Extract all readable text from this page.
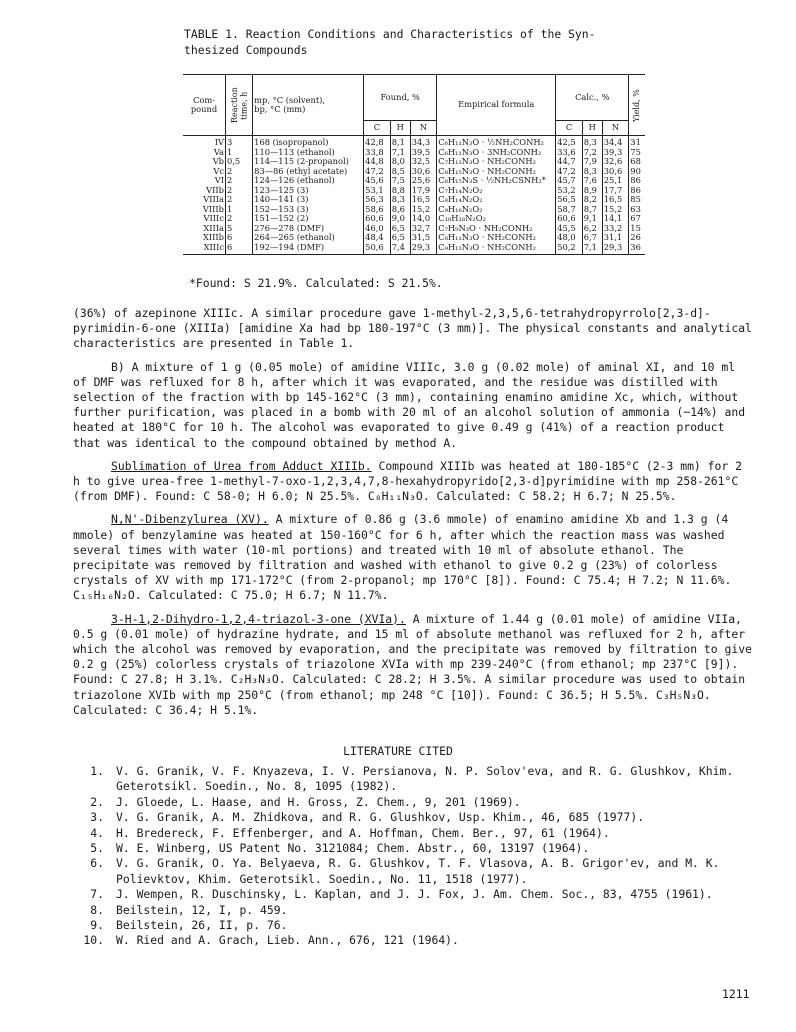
TABLE 1. Reaction Conditions and Characteristics of the Syn-
thesized Compounds
Com-
pound	Reaction
time, h	mp, °C (solvent),
bp, °C (mm)	Found, %			Empirical formula	Calc., %			Yield, %
			C	H	N		C	H	N	
IV	3	168 (isopropanol)	42,8	8,1	34,3	C₆H₁₁N₃O · ½NH₂CONH₂	42,5	8,3	34,4	31
Va	1	110—113 (ethanol)	33,8	7,1	39,5	C₆H₁₁N₃O · 3NH₂CONH₂	33,6	7,2	39,3	75
Vb	0,5	114—115 (2-propanol)	44,8	8,0	32,5	C₇H₁₃N₃O · NH₂CONH₂	44,7	7,9	32,6	68
Vc	2	83—86 (ethyl acetate)	47,2	8,5	30,6	C₈H₁₅N₃O · NH₂CONH₂	47,2	8,3	30,6	90
VI	2	124—126 (ethanol)	45,6	7,5	25,6	C₈H₁₅N₃S · ½NH₂CSNH₂*	45,7	7,6	25,1	86
VIIb	2	123—125 (3)	53,1	8,8	17,9	C₇H₁₄N₂O₂	53,2	8,9	17,7	86
VIIIa	2	140—141 (3)	56,3	8,3	16,5	C₈H₁₄N₂O₂	56,5	8,2	16,5	85
VIIIb	1	152—153 (3)	58,6	8,6	15,2	C₉H₁₆N₂O₂	58,7	8,7	15,2	63
VIIIc	2	151—152 (2)	60,6	9,0	14,0	C₁₀H₁₈N₂O₂	60,6	9,1	14,1	67
XIIIa	5	276—278 (DMF)	46,0	6,5	32,7	C₇H₉N₃O · NH₂CONH₂	45,5	6,2	33,2	15
XIIIb	6	264—265 (ethanol)	48,4	6,5	31,5	C₈H₁₁N₃O · NH₂CONH₂	48,0	6,7	31,1	26
XIIIc	6	192—194 (DMF)	50,6	7,4	29,3	C₉H₁₃N₃O · NH₂CONH₂	50,2	7,1	29,3	36
*Found: S 21.9%. Calculated: S 21.5%.

(36%) of azepinone XIIIc. A similar procedure gave 1-methyl-2,3,5,6-tetrahydropyrrolo[2,3-d]-pyrimidin-6-one (XIIIa) [amidine Xa had bp 180-197°C (3 mm)]. The physical constants and analytical characteristics are presented in Table 1.

B) A mixture of 1 g (0.05 mole) of amidine VIIIc, 3.0 g (0.02 mole) of aminal XI, and 10 ml of DMF was refluxed for 8 h, after which it was evaporated, and the residue was distilled with selection of the fraction with bp 145-162°C (3 mm), containing enamino amidine Xc, which, without further purification, was placed in a bomb with 20 ml of an alcohol solution of ammonia (~14%) and heated at 180°C for 10 h. The alcohol was evaporated to give 0.49 g (41%) of a reaction product that was identical to the compound obtained by method A.

Sublimation of Urea from Adduct XIIIb. Compound XIIIb was heated at 180-185°C (2-3 mm) for 2 h to give urea-free 1-methyl-7-oxo-1,2,3,4,7,8-hexahydropyrido[2,3-d]pyrimidine with mp 258-261°C (from DMF). Found: C 58-0; H 6.0; N 25.5%. C₈H₁₁N₃O. Calculated: C 58.2; H 6.7; N 25.5%.

N,N'-Dibenzylurea (XV). A mixture of 0.86 g (3.6 mmole) of enamino amidine Xb and 1.3 g (4 mmole) of benzylamine was heated at 150-160°C for 6 h, after which the reaction mass was washed several times with water (10-ml portions) and treated with 10 ml of absolute ethanol. The precipitate was removed by filtration and washed with ethanol to give 0.2 g (23%) of colorless crystals of XV with mp 171-172°C (from 2-propanol; mp 170°C [8]). Found: C 75.4; H 7.2; N 11.6%. C₁₅H₁₆N₂O. Calculated: C 75.0; H 6.7; N 11.7%.

3-H-1,2-Dihydro-1,2,4-triazol-3-one (XVIa). A mixture of 1.44 g (0.01 mole) of amidine VIIa, 0.5 g (0.01 mole) of hydrazine hydrate, and 15 ml of absolute methanol was refluxed for 2 h, after which the alcohol was removed by evaporation, and the precipitate was removed by filtration to give 0.2 g (25%) colorless crystals of triazolone XVIa with mp 239-240°C (from ethanol; mp 237°C [9]). Found: C 27.8; H 3.1%. C₂H₃N₃O. Calculated: C 28.2; H 3.5%. A similar procedure was used to obtain triazolone XVIb with mp 250°C (from ethanol; mp 248 °C [10]). Found: C 36.5; H 5.5%. C₃H₅N₃O. Calculated: C 36.4; H 5.1%.

LITERATURE CITED
1.	V. G. Granik, V. F. Knyazeva, I. V. Persianova, N. P. Solov'eva, and R. G. Glushkov, Khim. Geterotsikl. Soedin., No. 8, 1095 (1982).
2.	J. Gloede, L. Haase, and H. Gross, Z. Chem., 9, 201 (1969).
3.	V. G. Granik, A. M. Zhidkova, and R. G. Glushkov, Usp. Khim., 46, 685 (1977).
4.	H. Bredereck, F. Effenberger, and A. Hoffman, Chem. Ber., 97, 61 (1964).
5.	W. E. Winberg, US Patent No. 3121084; Chem. Abstr., 60, 13197 (1964).
6.	V. G. Granik, O. Ya. Belyaeva, R. G. Glushkov, T. F. Vlasova, A. B. Grigor'ev, and M. K. Polievktov, Khim. Geterotsikl. Soedin., No. 11, 1518 (1977).
7.	J. Wempen, R. Duschinsky, L. Kaplan, and J. J. Fox, J. Am. Chem. Soc., 83, 4755 (1961).
8.	Beilstein, 12, I, p. 459.
9.	Beilstein, 26, II, p. 76.
10.	W. Ried and A. Grach, Lieb. Ann., 676, 121 (1964).
1211
